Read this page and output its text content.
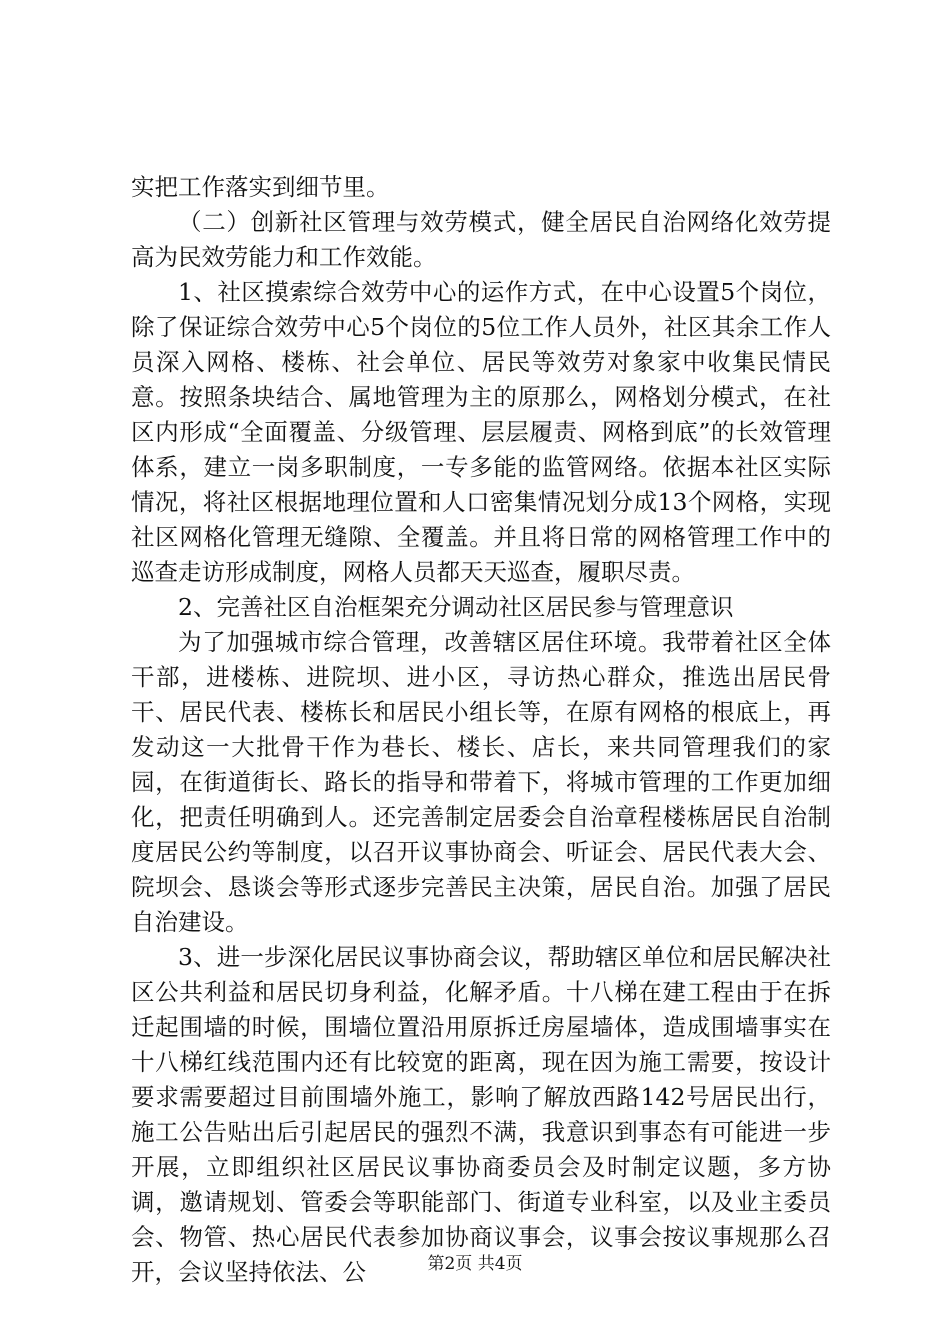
实把工作落实到细节里。

（二）创新社区管理与效劳模式，健全居民自治网络化效劳提高为民效劳能力和工作效能。

1、社区摸索综合效劳中心的运作方式，在中心设置5个岗位，除了保证综合效劳中心5个岗位的5位工作人员外，社区其余工作人员深入网格、楼栋、社会单位、居民等效劳对象家中收集民情民意。按照条块结合、属地管理为主的原那么，网格划分模式，在社区内形成“全面覆盖、分级管理、层层履责、网格到底”的长效管理体系，建立一岗多职制度，一专多能的监管网络。依据本社区实际情况，将社区根据地理位置和人口密集情况划分成13个网格，实现社区网格化管理无缝隙、全覆盖。并且将日常的网格管理工作中的巡查走访形成制度，网格人员都天天巡查，履职尽责。

2、完善社区自治框架充分调动社区居民参与管理意识

为了加强城市综合管理，改善辖区居住环境。我带着社区全体干部，进楼栋、进院坝、进小区，寻访热心群众，推选出居民骨干、居民代表、楼栋长和居民小组长等，在原有网格的根底上，再发动这一大批骨干作为巷长、楼长、店长，来共同管理我们的家园，在街道街长、路长的指导和带着下，将城市管理的工作更加细化，把责任明确到人。还完善制定居委会自治章程楼栋居民自治制度居民公约等制度，以召开议事协商会、听证会、居民代表大会、院坝会、恳谈会等形式逐步完善民主决策，居民自治。加强了居民自治建设。

3、进一步深化居民议事协商会议，帮助辖区单位和居民解决社区公共利益和居民切身利益，化解矛盾。十八梯在建工程由于在拆迁起围墙的时候，围墙位置沿用原拆迁房屋墙体，造成围墙事实在十八梯红线范围内还有比较宽的距离，现在因为施工需要，按设计要求需要超过目前围墙外施工，影响了解放西路142号居民出行，施工公告贴出后引起居民的强烈不满，我意识到事态有可能进一步开展，立即组织社区居民议事协商委员会及时制定议题，多方协调，邀请规划、管委会等职能部门、街道专业科室，以及业主委员会、物管、热心居民代表参加协商议事会，议事会按议事规那么召开，会议坚持依法、公	第2页 共4页
